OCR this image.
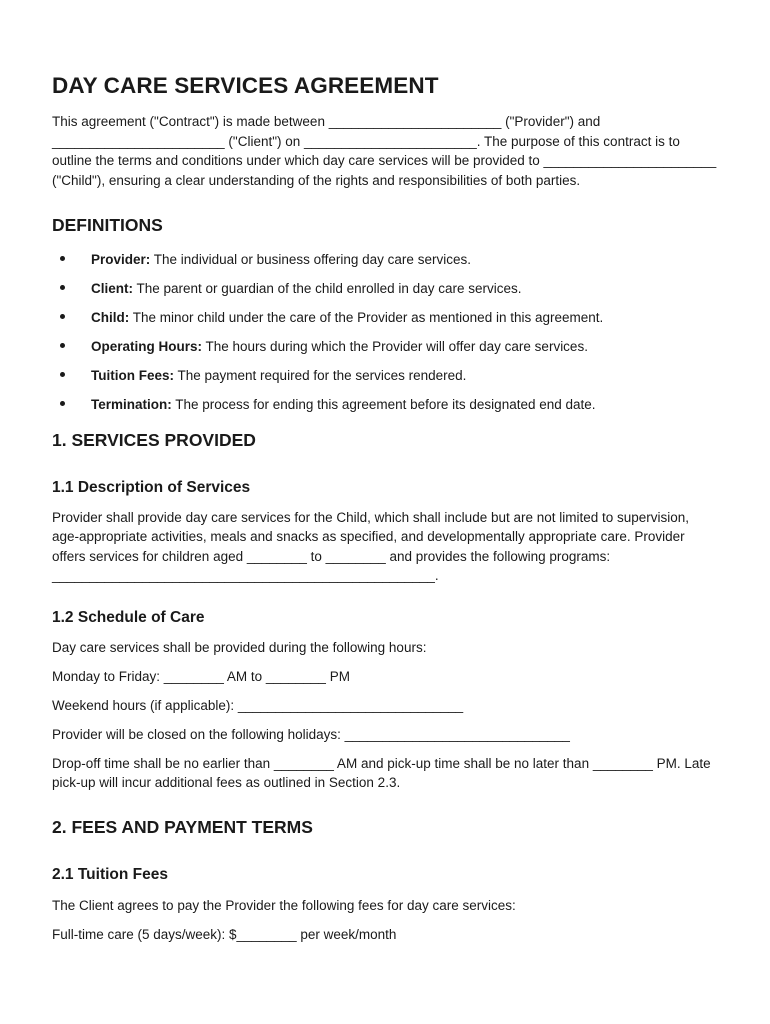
DAY CARE SERVICES AGREEMENT

This agreement ("Contract") is made between _______________________ ("Provider") and _______________________ ("Client") on _______________________. The purpose of this contract is to outline the terms and conditions under which day care services will be provided to _______________________ ("Child"), ensuring a clear understanding of the rights and responsibilities of both parties.

DEFINITIONS
Provider: The individual or business offering day care services.
Client: The parent or guardian of the child enrolled in day care services.
Child: The minor child under the care of the Provider as mentioned in this agreement.
Operating Hours: The hours during which the Provider will offer day care services.
Tuition Fees: The payment required for the services rendered.
Termination: The process for ending this agreement before its designated end date.
1. SERVICES PROVIDED
1.1 Description of Services

Provider shall provide day care services for the Child, which shall include but are not limited to supervision, age-appropriate activities, meals and snacks as specified, and developmentally appropriate care. Provider offers services for children aged ________ to ________ and provides the following programs: ___________________________________________________.

1.2 Schedule of Care

Day care services shall be provided during the following hours:

Monday to Friday: ________ AM to ________ PM

Weekend hours (if applicable): ______________________________

Provider will be closed on the following holidays: ______________________________

Drop-off time shall be no earlier than ________ AM and pick-up time shall be no later than ________ PM. Late pick-up will incur additional fees as outlined in Section 2.3.

2. FEES AND PAYMENT TERMS
2.1 Tuition Fees

The Client agrees to pay the Provider the following fees for day care services:

Full-time care (5 days/week): $________ per week/month
